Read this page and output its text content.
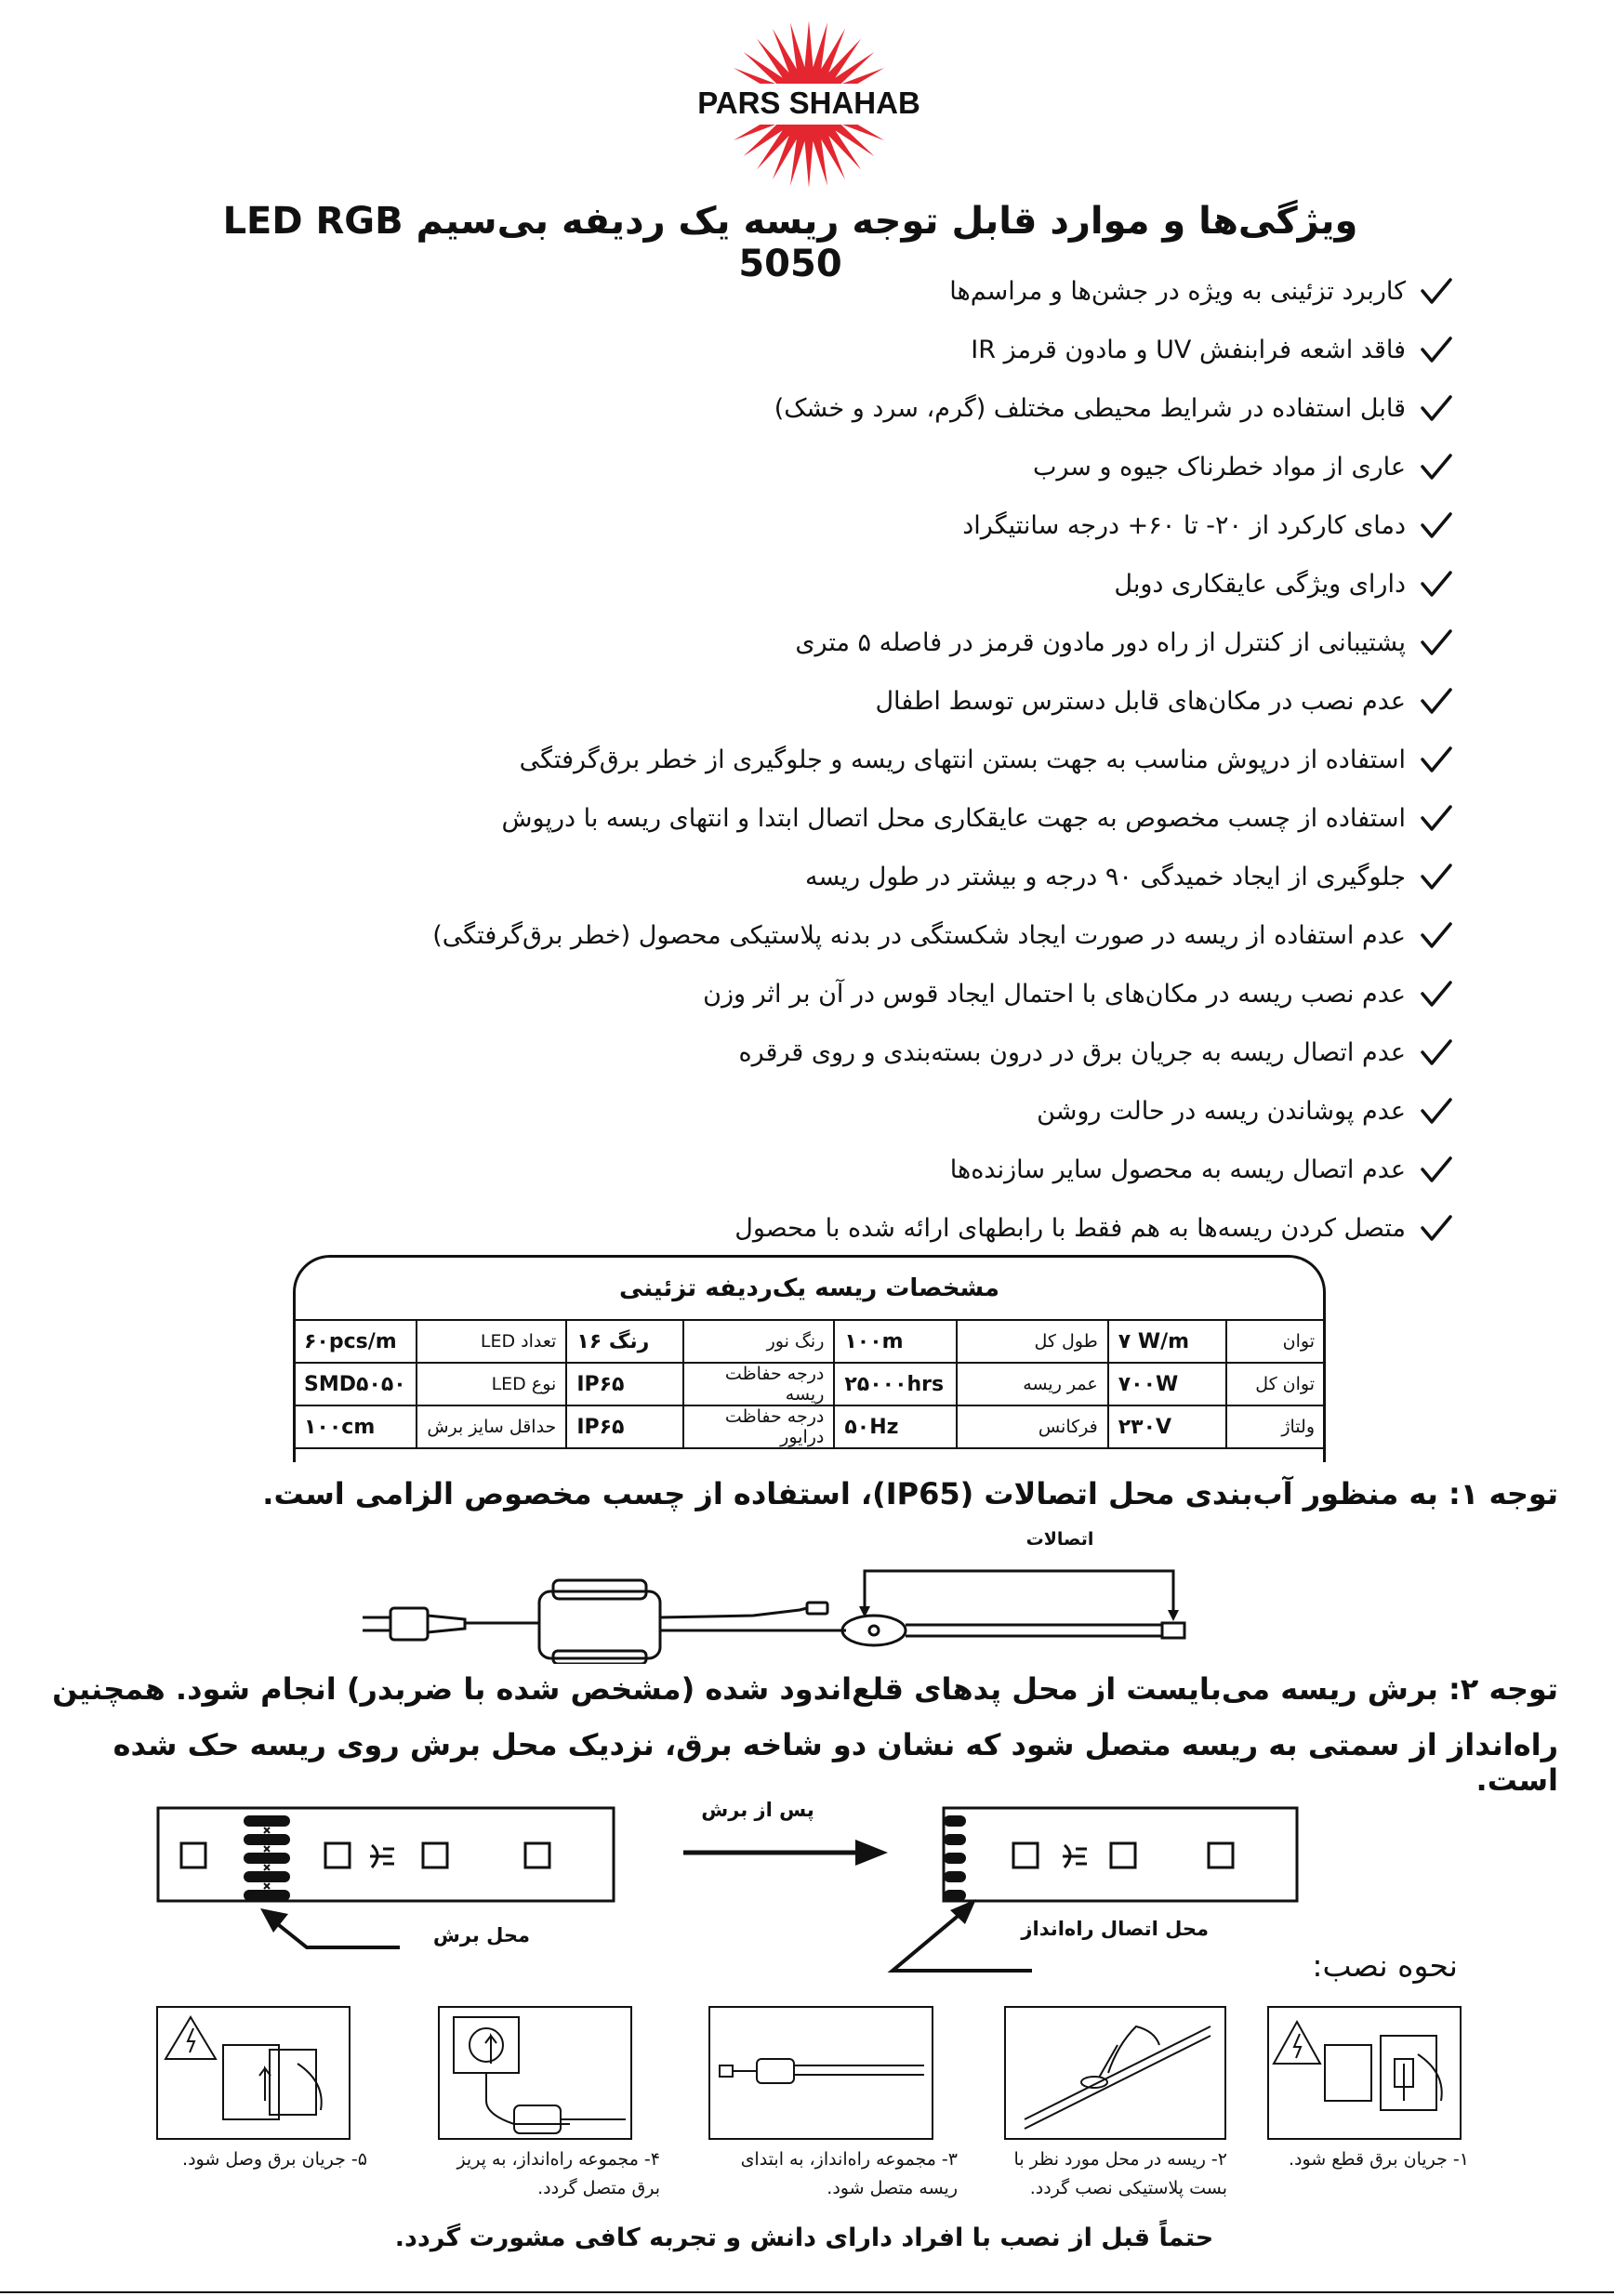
PARS SHAHAB
ویژگی‌ها و موارد قابل توجه ریسه یک ردیفه بی‌سیم LED RGB 5050
کاربرد تزئینی به ویژه در جشن‌ها و مراسم‌ها
فاقد اشعه فرابنفش UV و مادون قرمز IR
قابل استفاده در شرایط محیطی مختلف (گرم، سرد و خشک)
عاری از مواد خطرناک جیوه و سرب
دمای کارکرد از ۲۰- تا ۶۰+ درجه سانتیگراد
دارای ویژگی عایقکاری دوبل
پشتیبانی از کنترل از راه دور مادون قرمز در فاصله ۵ متری
عدم نصب در مکان‌های قابل دسترس توسط اطفال
استفاده از درپوش مناسب به جهت بستن انتهای ریسه و جلوگیری از خطر برق‌گرفتگی
استفاده از چسب مخصوص به جهت عایقکاری محل اتصال ابتدا و انتهای ریسه با درپوش
جلوگیری از ایجاد خمیدگی ۹۰ درجه و بیشتر در طول ریسه
عدم استفاده از ریسه در صورت ایجاد شکستگی در بدنه پلاستیکی محصول (خطر برق‌گرفتگی)
عدم نصب ریسه در مکان‌های با احتمال ایجاد قوس در آن بر اثر وزن
عدم اتصال ریسه به جریان برق در درون بسته‌بندی و روی قرقره
عدم پوشاندن ریسه در حالت روشن
عدم اتصال ریسه به محصول سایر سازنده‌ها
متصل کردن ریسه‌ها به هم فقط با رابطهای ارائه شده با محصول
مشخصات ریسه یک‌ردیفه تزئینی
توان	۷ W/m	طول کل	۱۰۰m	رنگ نور	۱۶ رنگ	تعداد LED	۶۰pcs/m
توان کل	۷۰۰W	عمر ریسه	۲۵۰۰۰hrs	درجه حفاظت ریسه	IP۶۵	نوع LED	SMD۵۰۵۰
ولتاژ	۲۳۰V	فرکانس	۵۰Hz	درجه حفاظت درایور	IP۶۵	حداقل سایز برش	۱۰۰cm
توجه ۱: به منظور آب‌بندی محل اتصالات (IP65)، استفاده از چسب مخصوص الزامی است.
اتصالات
توجه ۲: برش ریسه می‌بایست از محل پدهای قلع‌اندود شده (مشخص شده با ضربدر) انجام شود. همچنین
راه‌انداز از سمتی به ریسه متصل شود که نشان دو شاخه برق، نزدیک محل برش روی ریسه حک شده است.
پس از برش
محل برش	محل اتصال راه‌انداز
نحوه نصب:
۱- جریان برق قطع شود.
۲- ریسه در محل مورد نظر با
بست پلاستیکی نصب گردد.
۳- مجموعه راه‌انداز، به ابتدای
ریسه متصل شود.
۴- مجموعه راه‌انداز، به پریز
برق متصل گردد.
۵- جریان برق وصل شود.
حتماً قبل از نصب با افراد دارای دانش و تجربه کافی مشورت گردد.
